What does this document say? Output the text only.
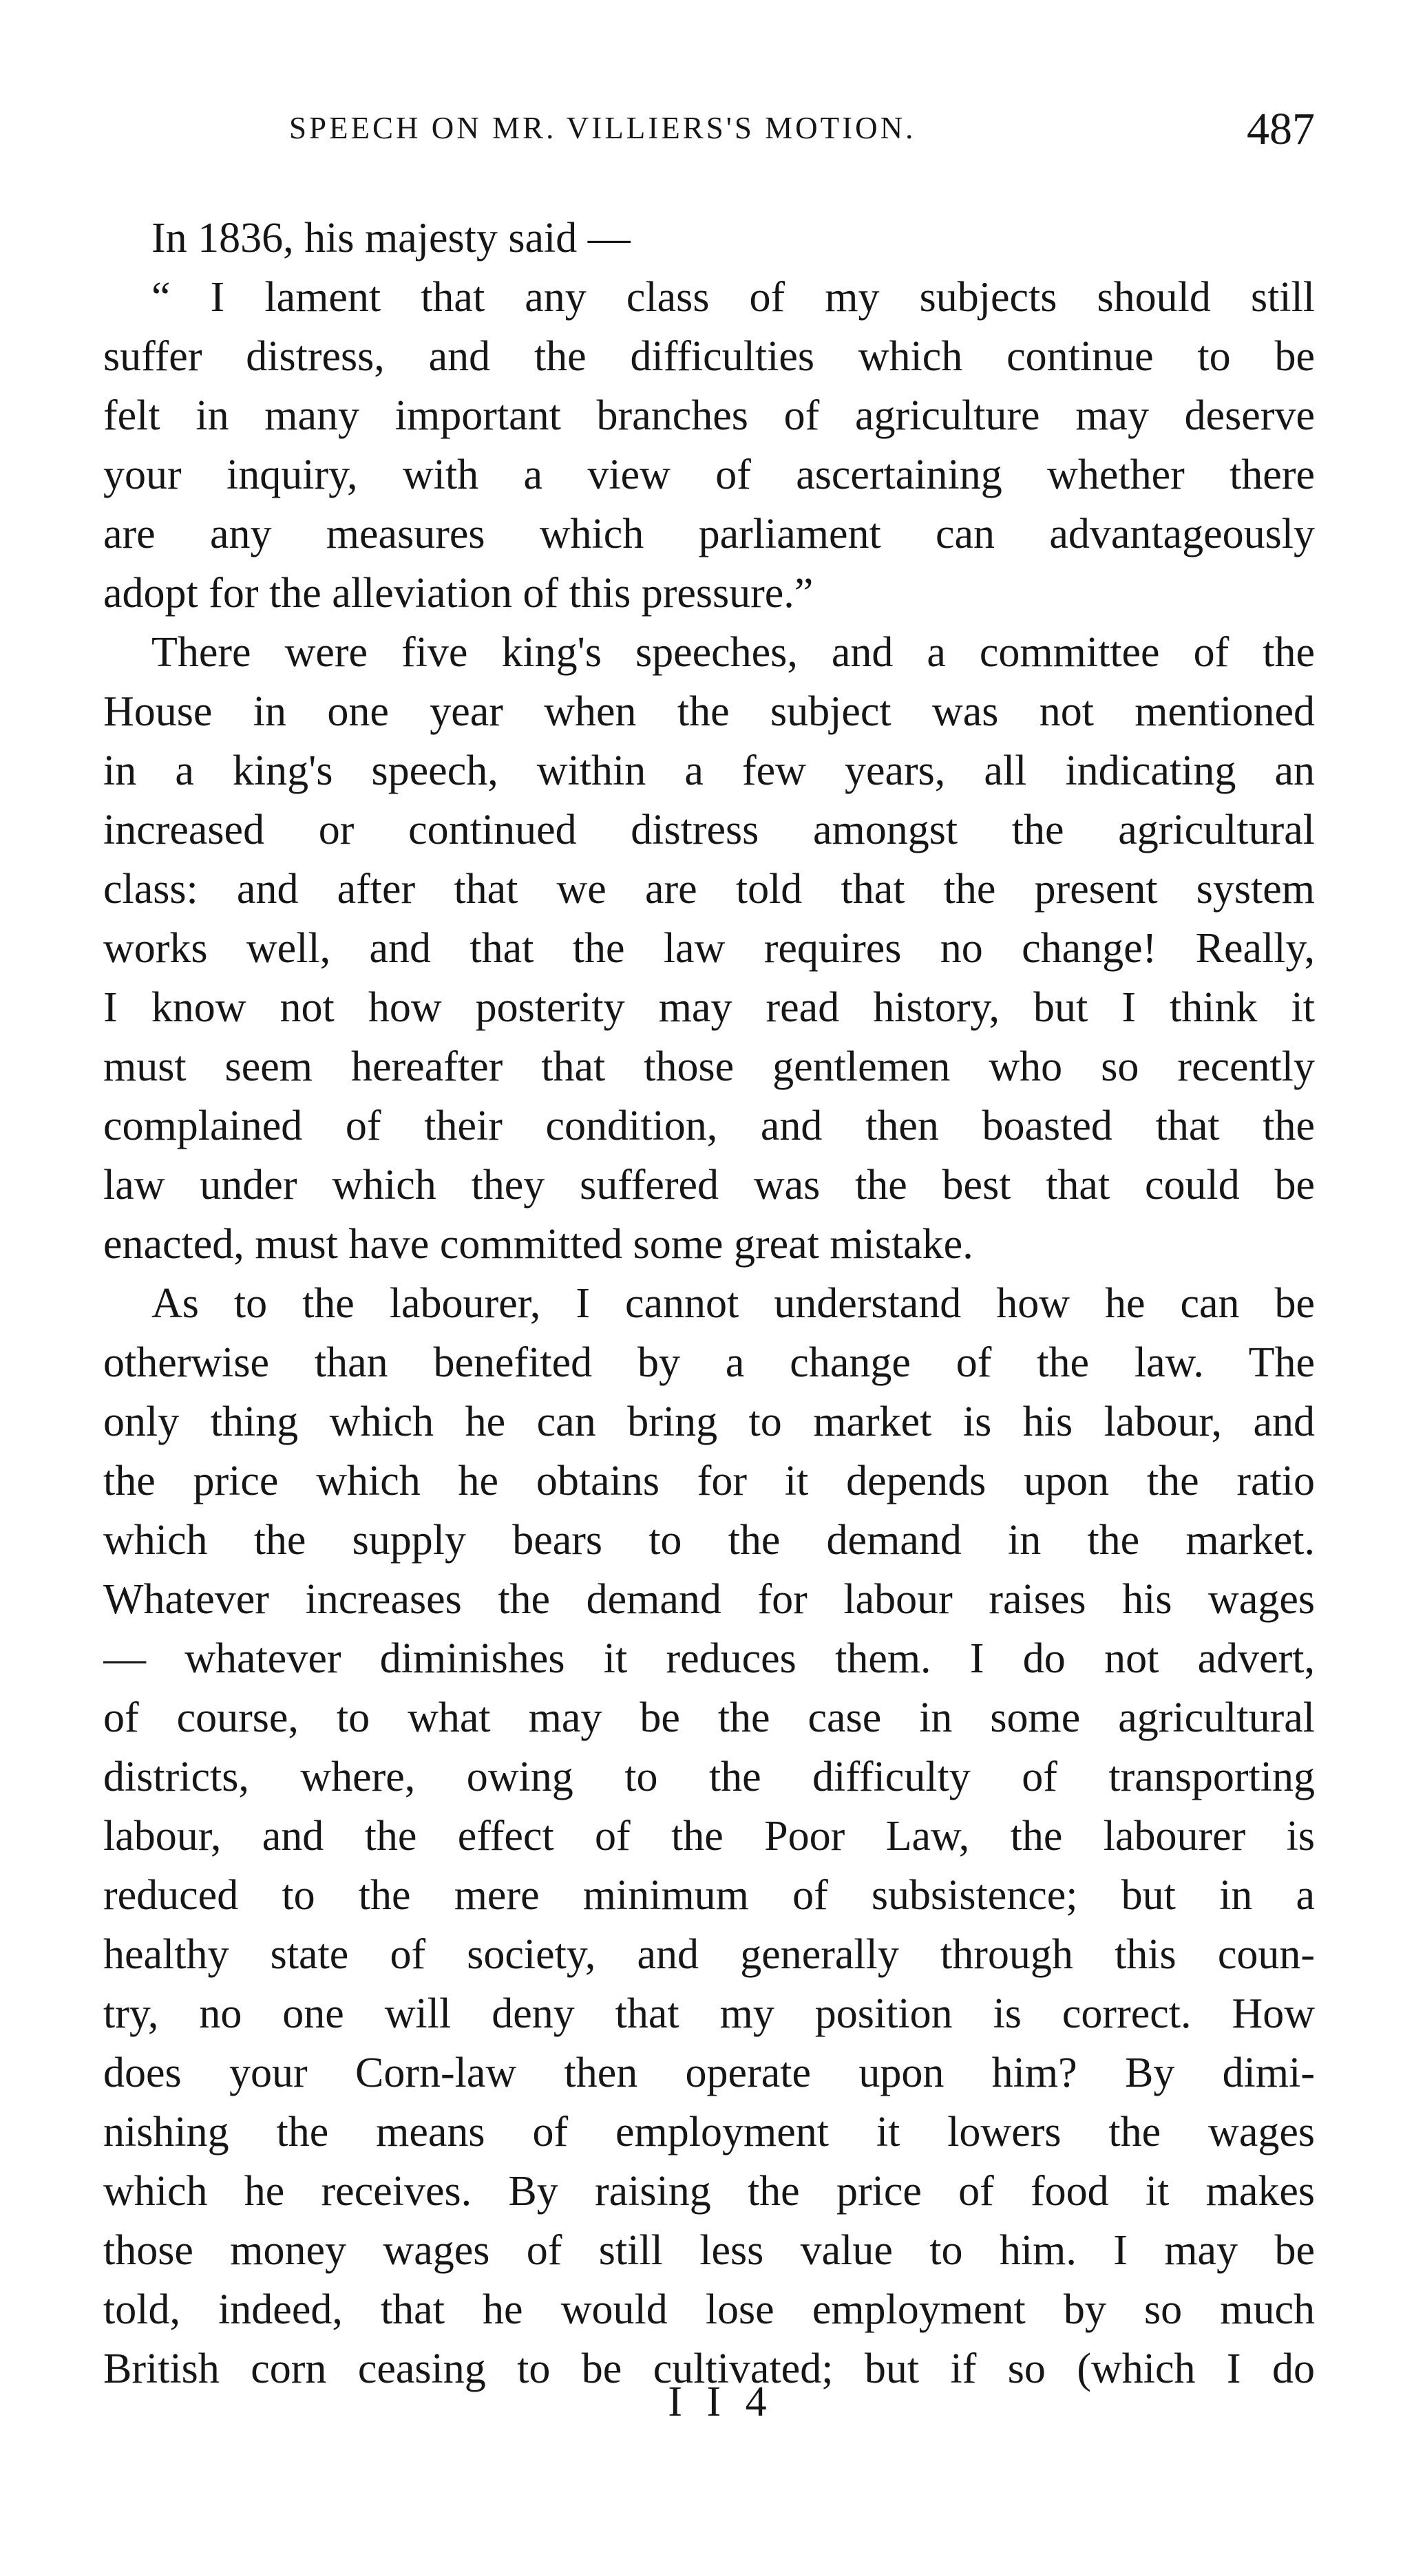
SPEECH ON MR. VILLIERS'S MOTION.	487
In 1836, his majesty said —
“ I lament that any class of my subjects should still
suffer distress, and the difficulties which continue to be
felt in many important branches of agriculture may deserve
your inquiry, with a view of ascertaining whether there
are any measures which parliament can advantageously
adopt for the alleviation of this pressure.”
There were five king's speeches, and a committee of the
House in one year when the subject was not mentioned
in a king's speech, within a few years, all indicating an
increased or continued distress amongst the agricultural
class: and after that we are told that the present system
works well, and that the law requires no change! Really,
I know not how posterity may read history, but I think it
must seem hereafter that those gentlemen who so recently
complained of their condition, and then boasted that the
law under which they suffered was the best that could be
enacted, must have committed some great mistake.
As to the labourer, I cannot understand how he can be
otherwise than benefited by a change of the law. The
only thing which he can bring to market is his labour, and
the price which he obtains for it depends upon the ratio
which the supply bears to the demand in the market.
Whatever increases the demand for labour raises his wages
— whatever diminishes it reduces them. I do not advert,
of course, to what may be the case in some agricultural
districts, where, owing to the difficulty of transporting
labour, and the effect of the Poor Law, the labourer is
reduced to the mere minimum of subsistence; but in a
healthy state of society, and generally through this coun-
try, no one will deny that my position is correct. How
does your Corn-law then operate upon him? By dimi-
nishing the means of employment it lowers the wages
which he receives. By raising the price of food it makes
those money wages of still less value to him. I may be
told, indeed, that he would lose employment by so much
British corn ceasing to be cultivated; but if so (which I do
I I 4
